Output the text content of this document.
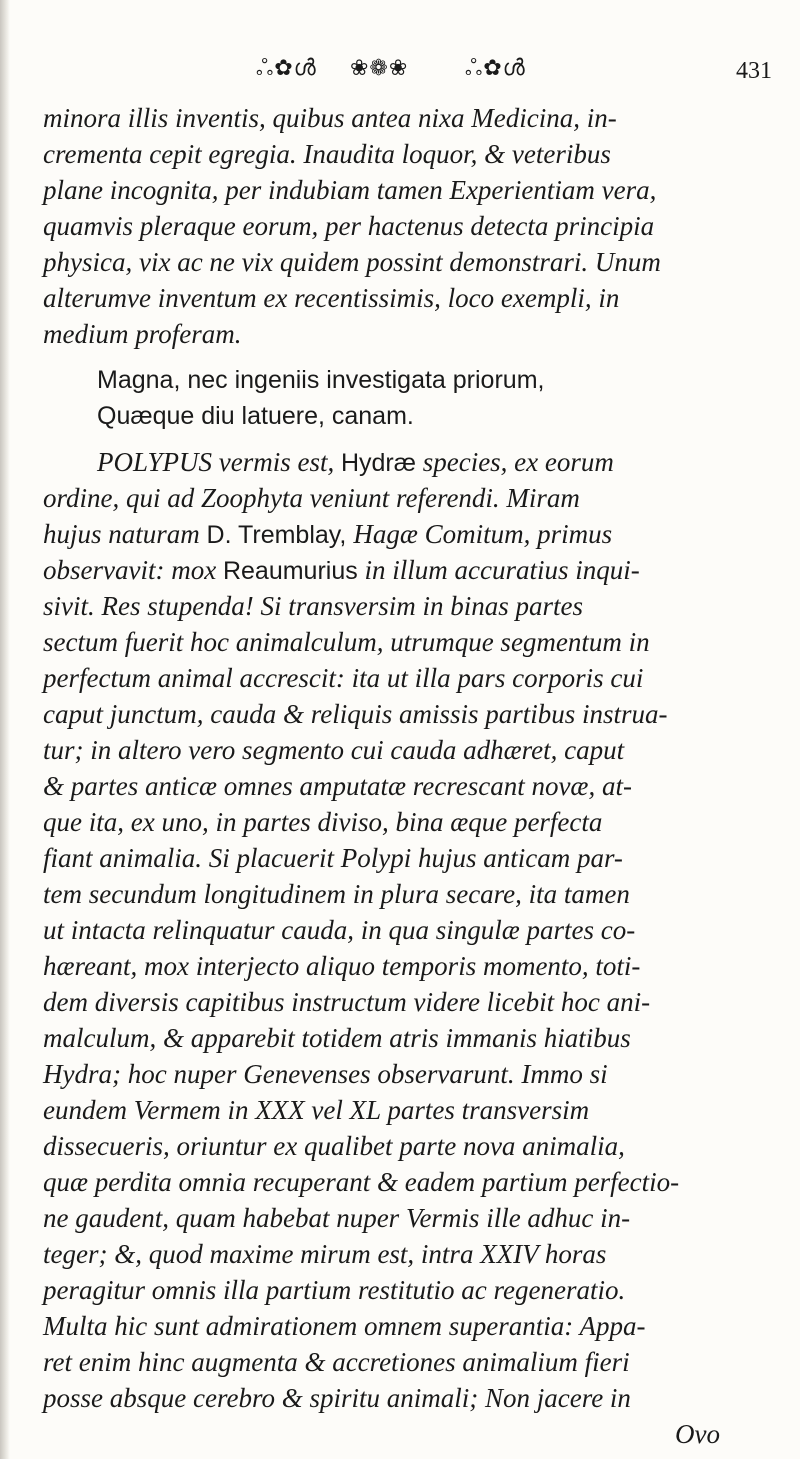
ஃ✿ൾ ❀❁❀	ஃ✿ൾ	431
minora illis inventis, quibus antea nixa Medicina, in-
crementa cepit egregia. Inaudita loquor, & veteribus
plane incognita, per indubiam tamen Experientiam vera,
quamvis pleraque eorum, per hactenus detecta principia
physica, vix ac ne vix quidem possint demonstrari. Unum
alterumve inventum ex recentissimis, loco exempli, in
medium proferam.
Magna, nec ingeniis investigata priorum,
Quæque diu latuere, canam.
POLYPUS vermis est, Hydræ species, ex eorum
ordine, qui ad Zoophyta veniunt referendi. Miram
hujus naturam D. Tremblay, Hagæ Comitum, primus
observavit: mox Reaumurius in illum accuratius inqui-
sivit. Res stupenda! Si transversim in binas partes
sectum fuerit hoc animalculum, utrumque segmentum in
perfectum animal accrescit: ita ut illa pars corporis cui
caput junctum, cauda & reliquis amissis partibus instrua-
tur; in altero vero segmento cui cauda adhæret, caput
& partes anticæ omnes amputatæ recrescant novæ, at-
que ita, ex uno, in partes diviso, bina æque perfecta
fiant animalia. Si placuerit Polypi hujus anticam par-
tem secundum longitudinem in plura secare, ita tamen
ut intacta relinquatur cauda, in qua singulæ partes co-
hæreant, mox interjecto aliquo temporis momento, toti-
dem diversis capitibus instructum videre licebit hoc ani-
malculum, & apparebit totidem atris immanis hiatibus
Hydra; hoc nuper Genevenses observarunt. Immo si
eundem Vermem in XXX vel XL partes transversim
dissecueris, oriuntur ex qualibet parte nova animalia,
quæ perdita omnia recuperant & eadem partium perfectio-
ne gaudent, quam habebat nuper Vermis ille adhuc in-
teger; &, quod maxime mirum est, intra XXIV horas
peragitur omnis illa partium restitutio ac regeneratio.
Multa hic sunt admirationem omnem superantia: Appa-
ret enim hinc augmenta & accretiones animalium fieri
posse absque cerebro & spiritu animali; Non jacere in
Ovo
